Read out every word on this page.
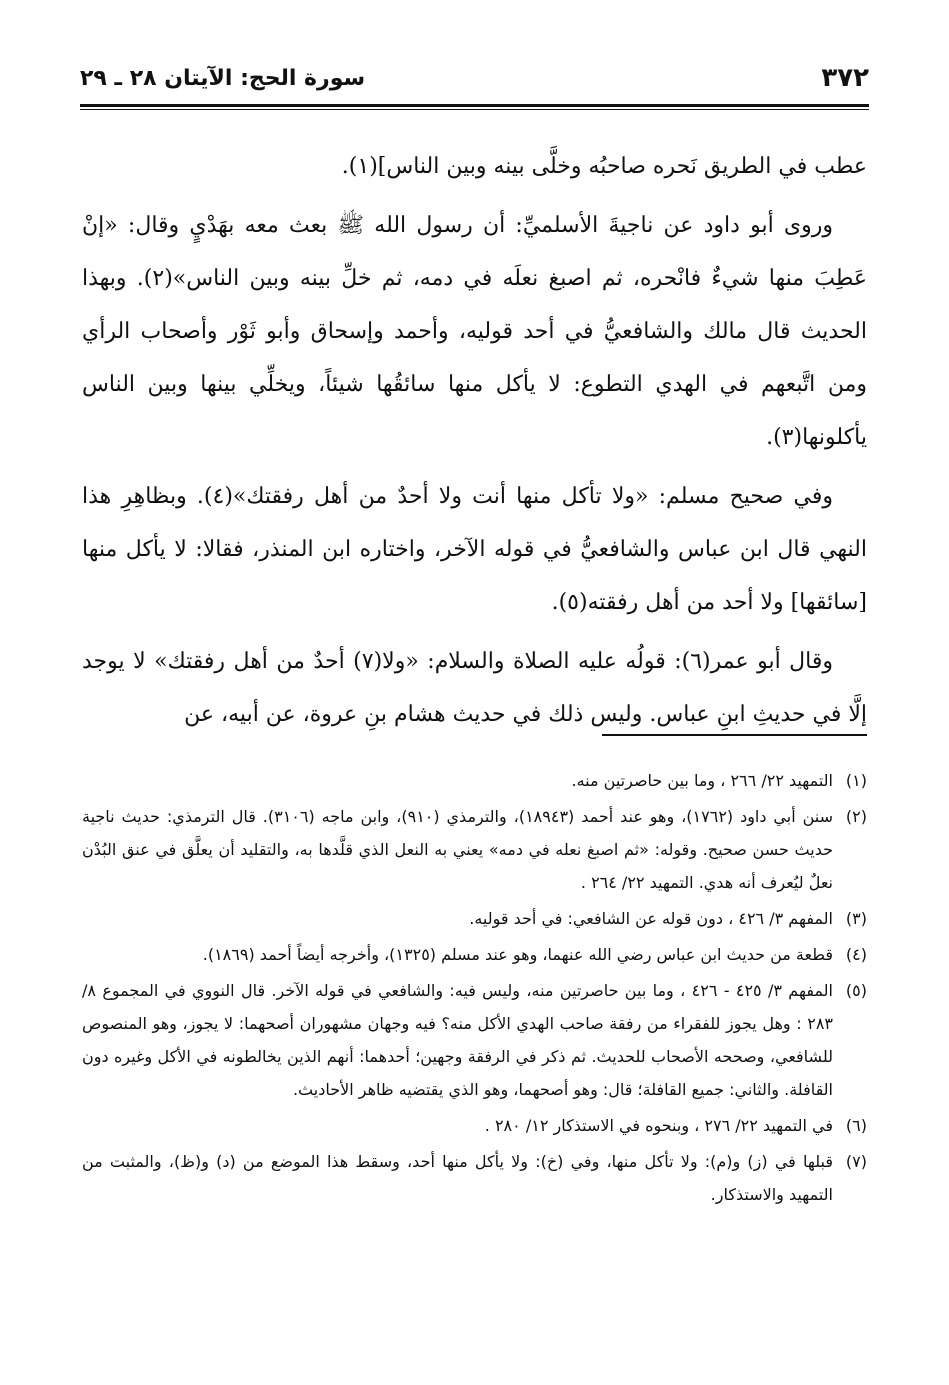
٣٧٢
سورة الحج: الآيتان ٢٨ ـ ٢٩

عطب في الطريق نَحره صاحبُه وخلَّى بينه وبين الناس](١).

وروى أبو داود عن ناجيةَ الأسلميِّ: أن رسول الله ﷺ بعث معه بهَدْيٍ وقال: «إنْ عَطِبَ منها شيءٌ فانْحره، ثم اصبغ نعلَه في دمه، ثم خلِّ بينه وبين الناس»(٢). وبهذا الحديث قال مالك والشافعيُّ في أحد قوليه، وأحمد وإسحاق وأبو ثَوْر وأصحاب الرأي ومن اتَّبعهم في الهدي التطوع: لا يأكل منها سائقُها شيئاً، ويخلِّي بينها وبين الناس يأكلونها(٣).

وفي صحيح مسلم: «ولا تأكل منها أنت ولا أحدٌ من أهل رفقتك»(٤). وبظاهِرِ هذا النهي قال ابن عباس والشافعيُّ في قوله الآخر، واختاره ابن المنذر، فقالا: لا يأكل منها [سائقها] ولا أحد من أهل رفقته(٥).

وقال أبو عمر(٦): قولُه عليه الصلاة والسلام: «ولا(٧) أحدٌ من أهل رفقتك» لا يوجد إلَّا في حديثِ ابنِ عباس. وليس ذلك في حديث هشام بنِ عروة، عن أبيه، عن

(١)التمهيد ٢٢/ ٢٦٦ ، وما بين حاصرتين منه.
(٢)سنن أبي داود (١٧٦٢)، وهو عند أحمد (١٨٩٤٣)، والترمذي (٩١٠)، وابن ماجه (٣١٠٦). قال الترمذي: حديث ناجية حديث حسن صحيح. وقوله: «ثم اصبغ نعله في دمه» يعني به النعل الذي قلَّدها به، والتقليد أن يعلَّق في عنق البُدْن نعلٌ ليُعرف أنه هدي. التمهيد ٢٢/ ٢٦٤ .
(٣)المفهم ٣/ ٤٢٦ ، دون قوله عن الشافعي: في أحد قوليه.
(٤)قطعة من حديث ابن عباس رضي الله عنهما، وهو عند مسلم (١٣٢٥)، وأخرجه أيضاً أحمد (١٨٦٩).
(٥)المفهم ٣/ ٤٢٥ - ٤٢٦ ، وما بين حاصرتين منه، وليس فيه: والشافعي في قوله الآخر. قال النووي في المجموع ٨/ ٢٨٣ : وهل يجوز للفقراء من رفقة صاحب الهدي الأكل منه؟ فيه وجهان مشهوران أصحهما: لا يجوز، وهو المنصوص للشافعي، وصححه الأصحاب للحديث. ثم ذكر في الرفقة وجهين؛ أحدهما: أنهم الذين يخالطونه في الأكل وغيره دون القافلة. والثاني: جميع القافلة؛ قال: وهو أصحهما، وهو الذي يقتضيه ظاهر الأحاديث.
(٦)في التمهيد ٢٢/ ٢٧٦ ، وبنحوه في الاستذكار ١٢/ ٢٨٠ .
(٧)قبلها في (ز) و(م): ولا تأكل منها، وفي (خ): ولا يأكل منها أحد، وسقط هذا الموضع من (د) و(ظ)، والمثبت من التمهيد والاستذكار.
